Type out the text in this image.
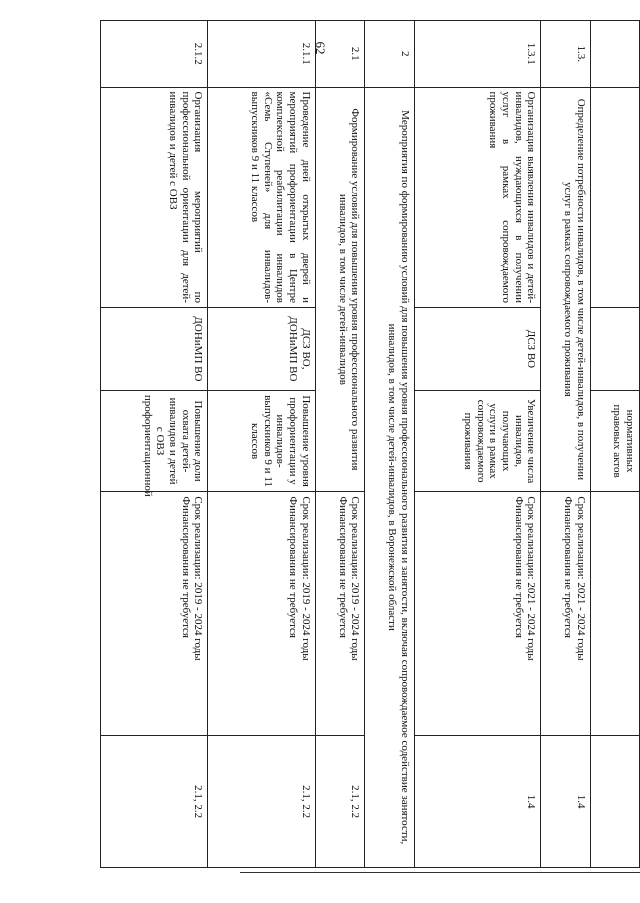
62
			нормативных правовых актов		
1.3.	Определение потребности инвалидов, в том числе детей-инвалидов, в получении услуг в рамках сопровождаемого проживания			Срок реализации: 2021 - 2024 годы
Финансирования не требуется	1.4
1.3.1	Организация выявления инвалидов и детей-инвалидов, нуждающихся в получении услуг в рамках сопровождаемого проживания	ДСЗ ВО	Увеличение числа инвалидов, получающих услуги в рамках сопровождаемого проживания	Срок реализации: 2021 - 2024 годы
Финансирования не требуется	1.4
2	Мероприятия по формированию условий для повышения уровня профессионального развития и занятости, включая сопровождаемое содействие занятости, инвалидов, в том числе детей-инвалидов, в Воронежской области				
2.1	Формирование условий для повышения уровня профессионального развития инвалидов, в том числе детей-инвалидов			Срок реализации: 2019 - 2024 годы
Финансирования не требуется	2.1, 2.2
2.1.1	Проведение дней открытых дверей и мероприятий профориентации в Центре комплексной реабилитации инвалидов «Семь Ступеней» для инвалидов-выпускников 9 и 11 классов	ДСЗ ВО, ДОНиМП ВО	Повышение уровня профориентации у инвалидов-выпускников 9 и 11 классов	Срок реализации: 2019 - 2024 годы
Финансирования не требуется	2.1, 2.2
2.1.2	Организация мероприятий по профессиональной ориентации для детей-инвалидов и детей с ОВЗ	ДОНиМП ВО	Повышение доли охвата детей-инвалидов и детей с ОВЗ профориентационной	Срок реализации: 2019 - 2024 годы
Финансирования не требуется	2.1, 2.2
